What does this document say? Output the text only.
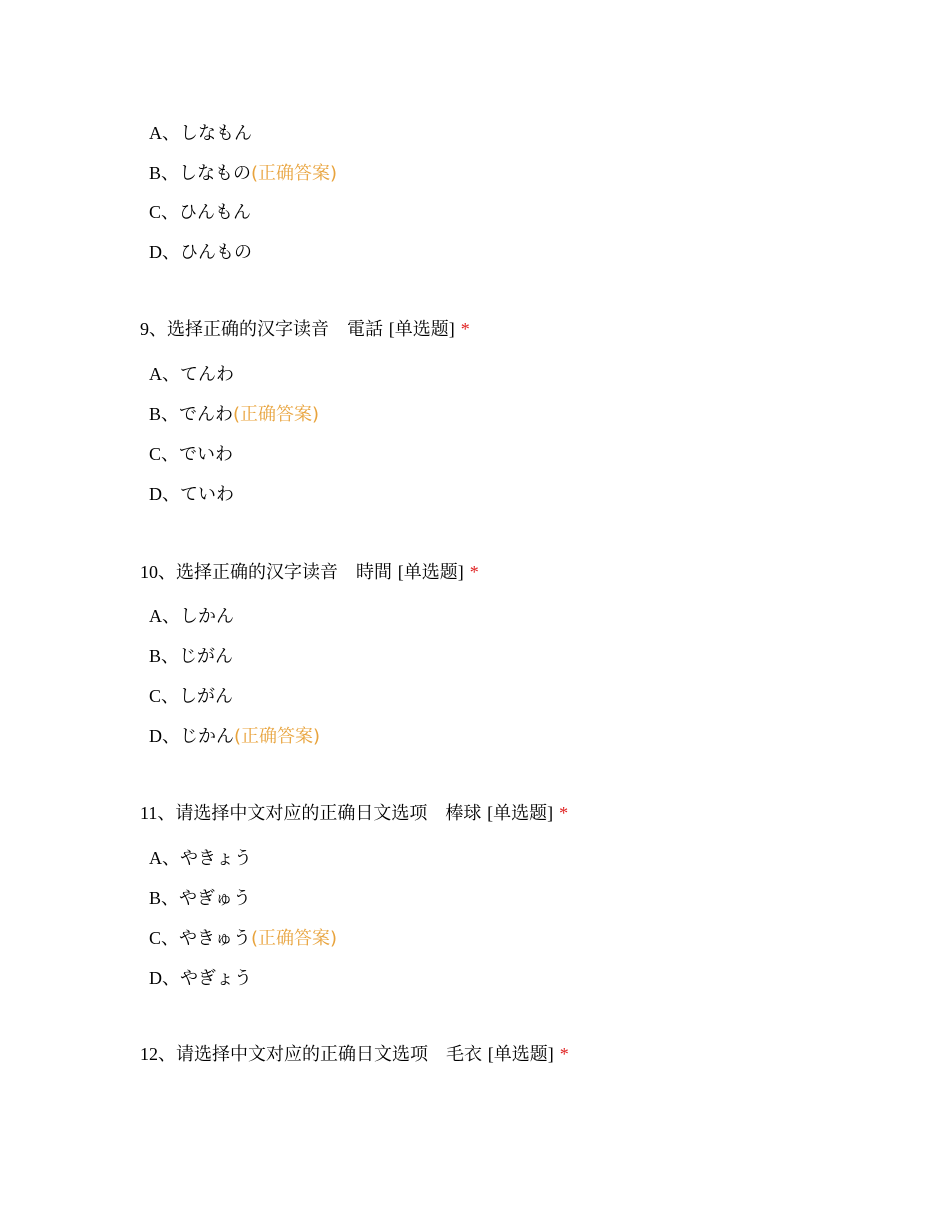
A、しなもん
B、しなもの(正确答案)
C、ひんもん
D、ひんもの
9、选择正确的汉字读音 電話 [单选题] *
A、てんわ
B、でんわ(正确答案)
C、でいわ
D、ていわ
10、选择正确的汉字读音 時間 [单选题] *
A、しかん
B、じがん
C、しがん
D、じかん(正确答案)
11、请选择中文对应的正确日文选项 棒球 [单选题] *
A、やきょう
B、やぎゅう
C、やきゅう(正确答案)
D、やぎょう
12、请选择中文对应的正确日文选项 毛衣 [单选题] *
